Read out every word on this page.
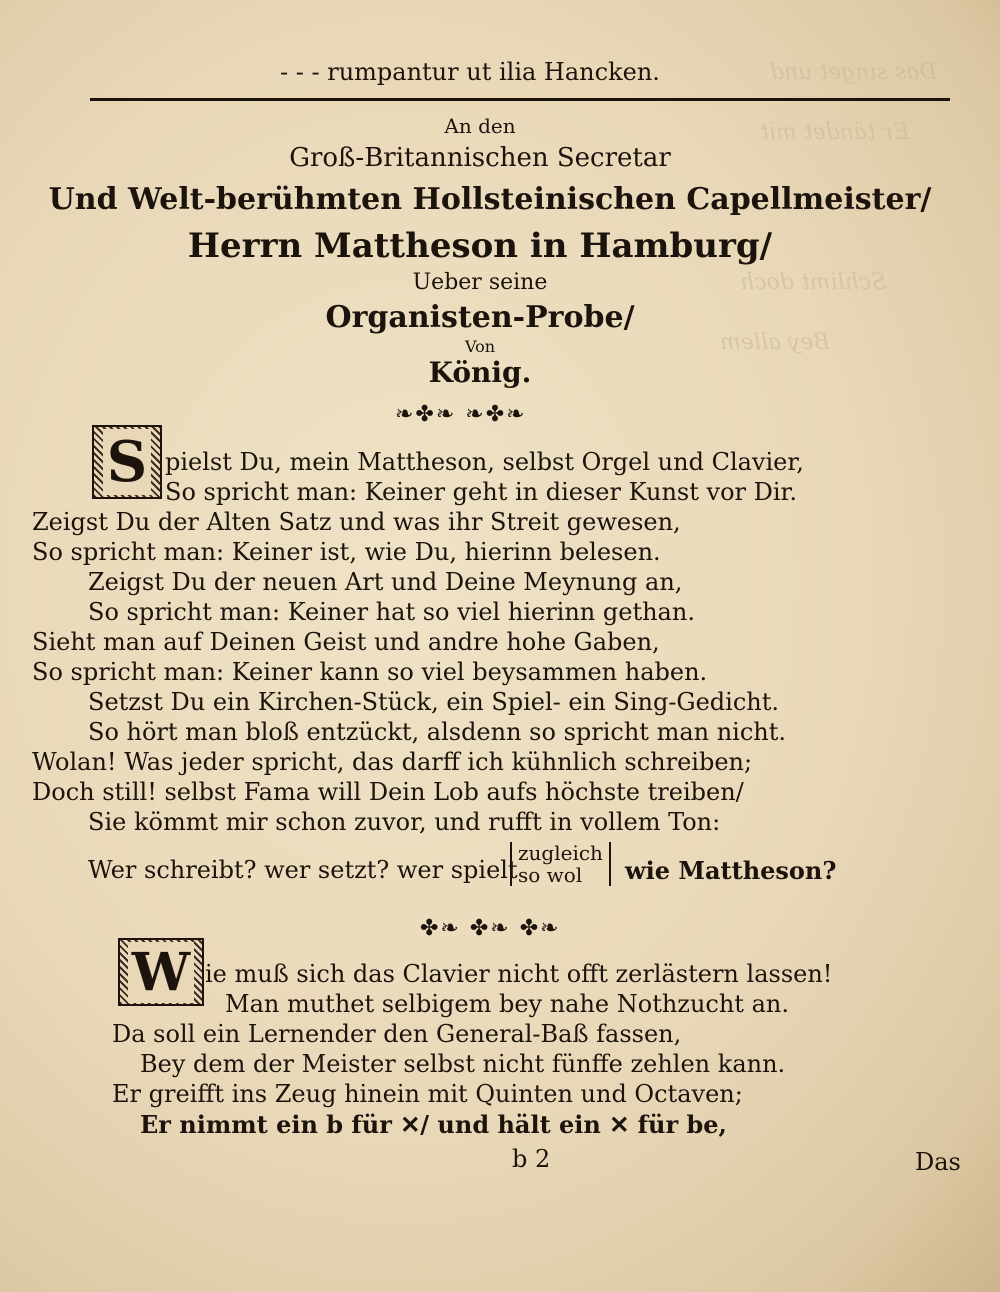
Das singet und
Er tändet mit
Schlimt doch
Bey allem
- - - rumpantur ut ilia Hancken.
An den
Groß-Britannischen Secretar
Und Welt-berühmten Hollsteinischen Capellmeister/
Herrn Mattheson in Hamburg/
Ueber seine
Organisten-Probe/
Von
König.
❧✤❧ ❧✤❧
S pielst Du, mein Mattheson, selbst Orgel und Clavier,
So spricht man: Keiner geht in dieser Kunst vor Dir.
Zeigst Du der Alten Satz und was ihr Streit gewesen,
So spricht man: Keiner ist, wie Du, hierinn belesen.
Zeigst Du der neuen Art und Deine Meynung an,
So spricht man: Keiner hat so viel hierinn gethan.
Sieht man auf Deinen Geist und andre hohe Gaben,
So spricht man: Keiner kann so viel beysammen haben.
Setzst Du ein Kirchen-Stück, ein Spiel- ein Sing-Gedicht.
So hört man bloß entzückt, alsdenn so spricht man nicht.
Wolan! Was jeder spricht, das darff ich kühnlich schreiben;
Doch still! selbst Fama will Dein Lob aufs höchste treiben/
Sie kömmt mir schon zuvor, und rufft in vollem Ton:
Wer schreibt? wer setzt? wer spielt
zugleich
so wol	wie Mattheson?
✤❧ ✤❧ ✤❧
W ie muß sich das Clavier nicht offt zerlästern lassen!
Man muthet selbigem bey nahe Nothzucht an.
Da soll ein Lernender den General-Baß fassen,
Bey dem der Meister selbst nicht fünffe zehlen kann.
Er greifft ins Zeug hinein mit Quinten und Octaven;
Er nimmt ein b für ✕/ und hält ein ✕ für be,
b 2	Das
